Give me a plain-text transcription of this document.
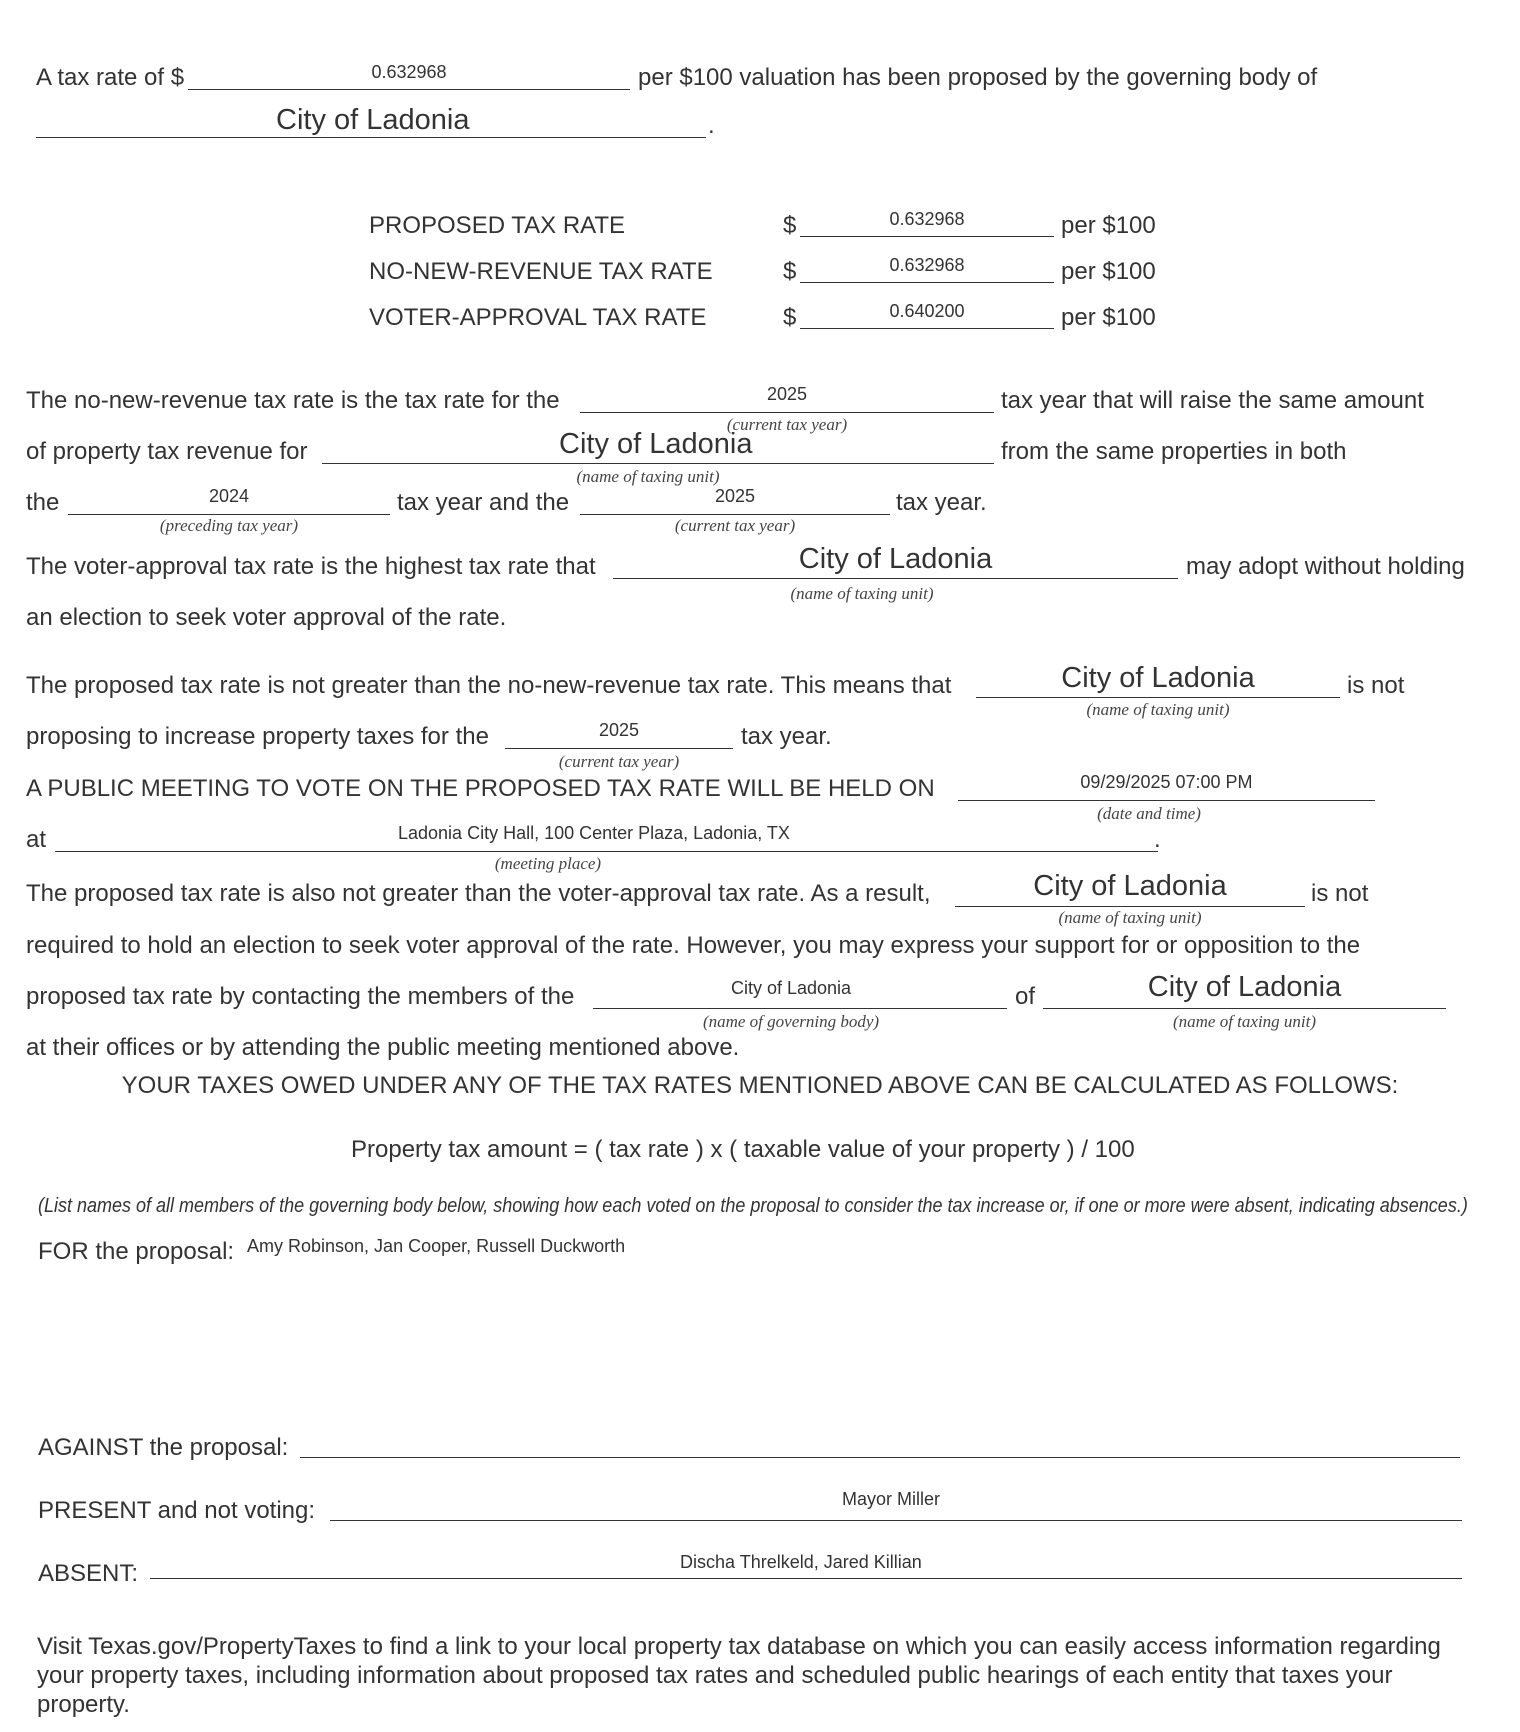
A tax rate of $	0.632968	per $100 valuation has been proposed by the governing body of
City of Ladonia	.
PROPOSED TAX RATE	$	0.632968	per $100
NO-NEW-REVENUE TAX RATE	$	0.632968	per $100
VOTER-APPROVAL TAX RATE	$	0.640200	per $100
The no-new-revenue tax rate is the tax rate for the	2025
(current tax year)
tax year that will raise the same amount
of property tax revenue for	City of Ladonia
(name of taxing unit)
from the same properties in both
the	2024
(preceding tax year)
tax year and the	2025
(current tax year)
tax year.
The voter-approval tax rate is the highest tax rate that	City of Ladonia
(name of taxing unit)
may adopt without holding
an election to seek voter approval of the rate.
The proposed tax rate is not greater than the no-new-revenue tax rate. This means that	City of Ladonia
(name of taxing unit)
is not
proposing to increase property taxes for the	2025
(current tax year)
tax year.
A PUBLIC MEETING TO VOTE ON THE PROPOSED TAX RATE WILL BE HELD ON	09/29/2025 07:00 PM
(date and time)
at	Ladonia City Hall, 100 Center Plaza, Ladonia, TX
(meeting place)
.
The proposed tax rate is also not greater than the voter-approval tax rate. As a result,	City of Ladonia
(name of taxing unit)
is not
required to hold an election to seek voter approval of the rate. However, you may express your support for or opposition to the
proposed tax rate by contacting the members of the	City of Ladonia
(name of governing body)
of	City of Ladonia
(name of taxing unit)
at their offices or by attending the public meeting mentioned above.
YOUR TAXES OWED UNDER ANY OF THE TAX RATES MENTIONED ABOVE CAN BE CALCULATED AS FOLLOWS:
Property tax amount = ( tax rate ) x ( taxable value of your property ) / 100
(List names of all members of the governing body below, showing how each voted on the proposal to consider the tax increase or, if one or more were absent, indicating absences.)
FOR the proposal: Amy Robinson, Jan Cooper, Russell Duckworth
AGAINST the proposal:
PRESENT and not voting:	Mayor Miller
ABSENT:	Discha Threlkeld, Jared Killian
Visit Texas.gov/PropertyTaxes to find a link to your local property tax database on which you can easily access information regarding your property taxes, including information about proposed tax rates and scheduled public hearings of each entity that taxes your property.
